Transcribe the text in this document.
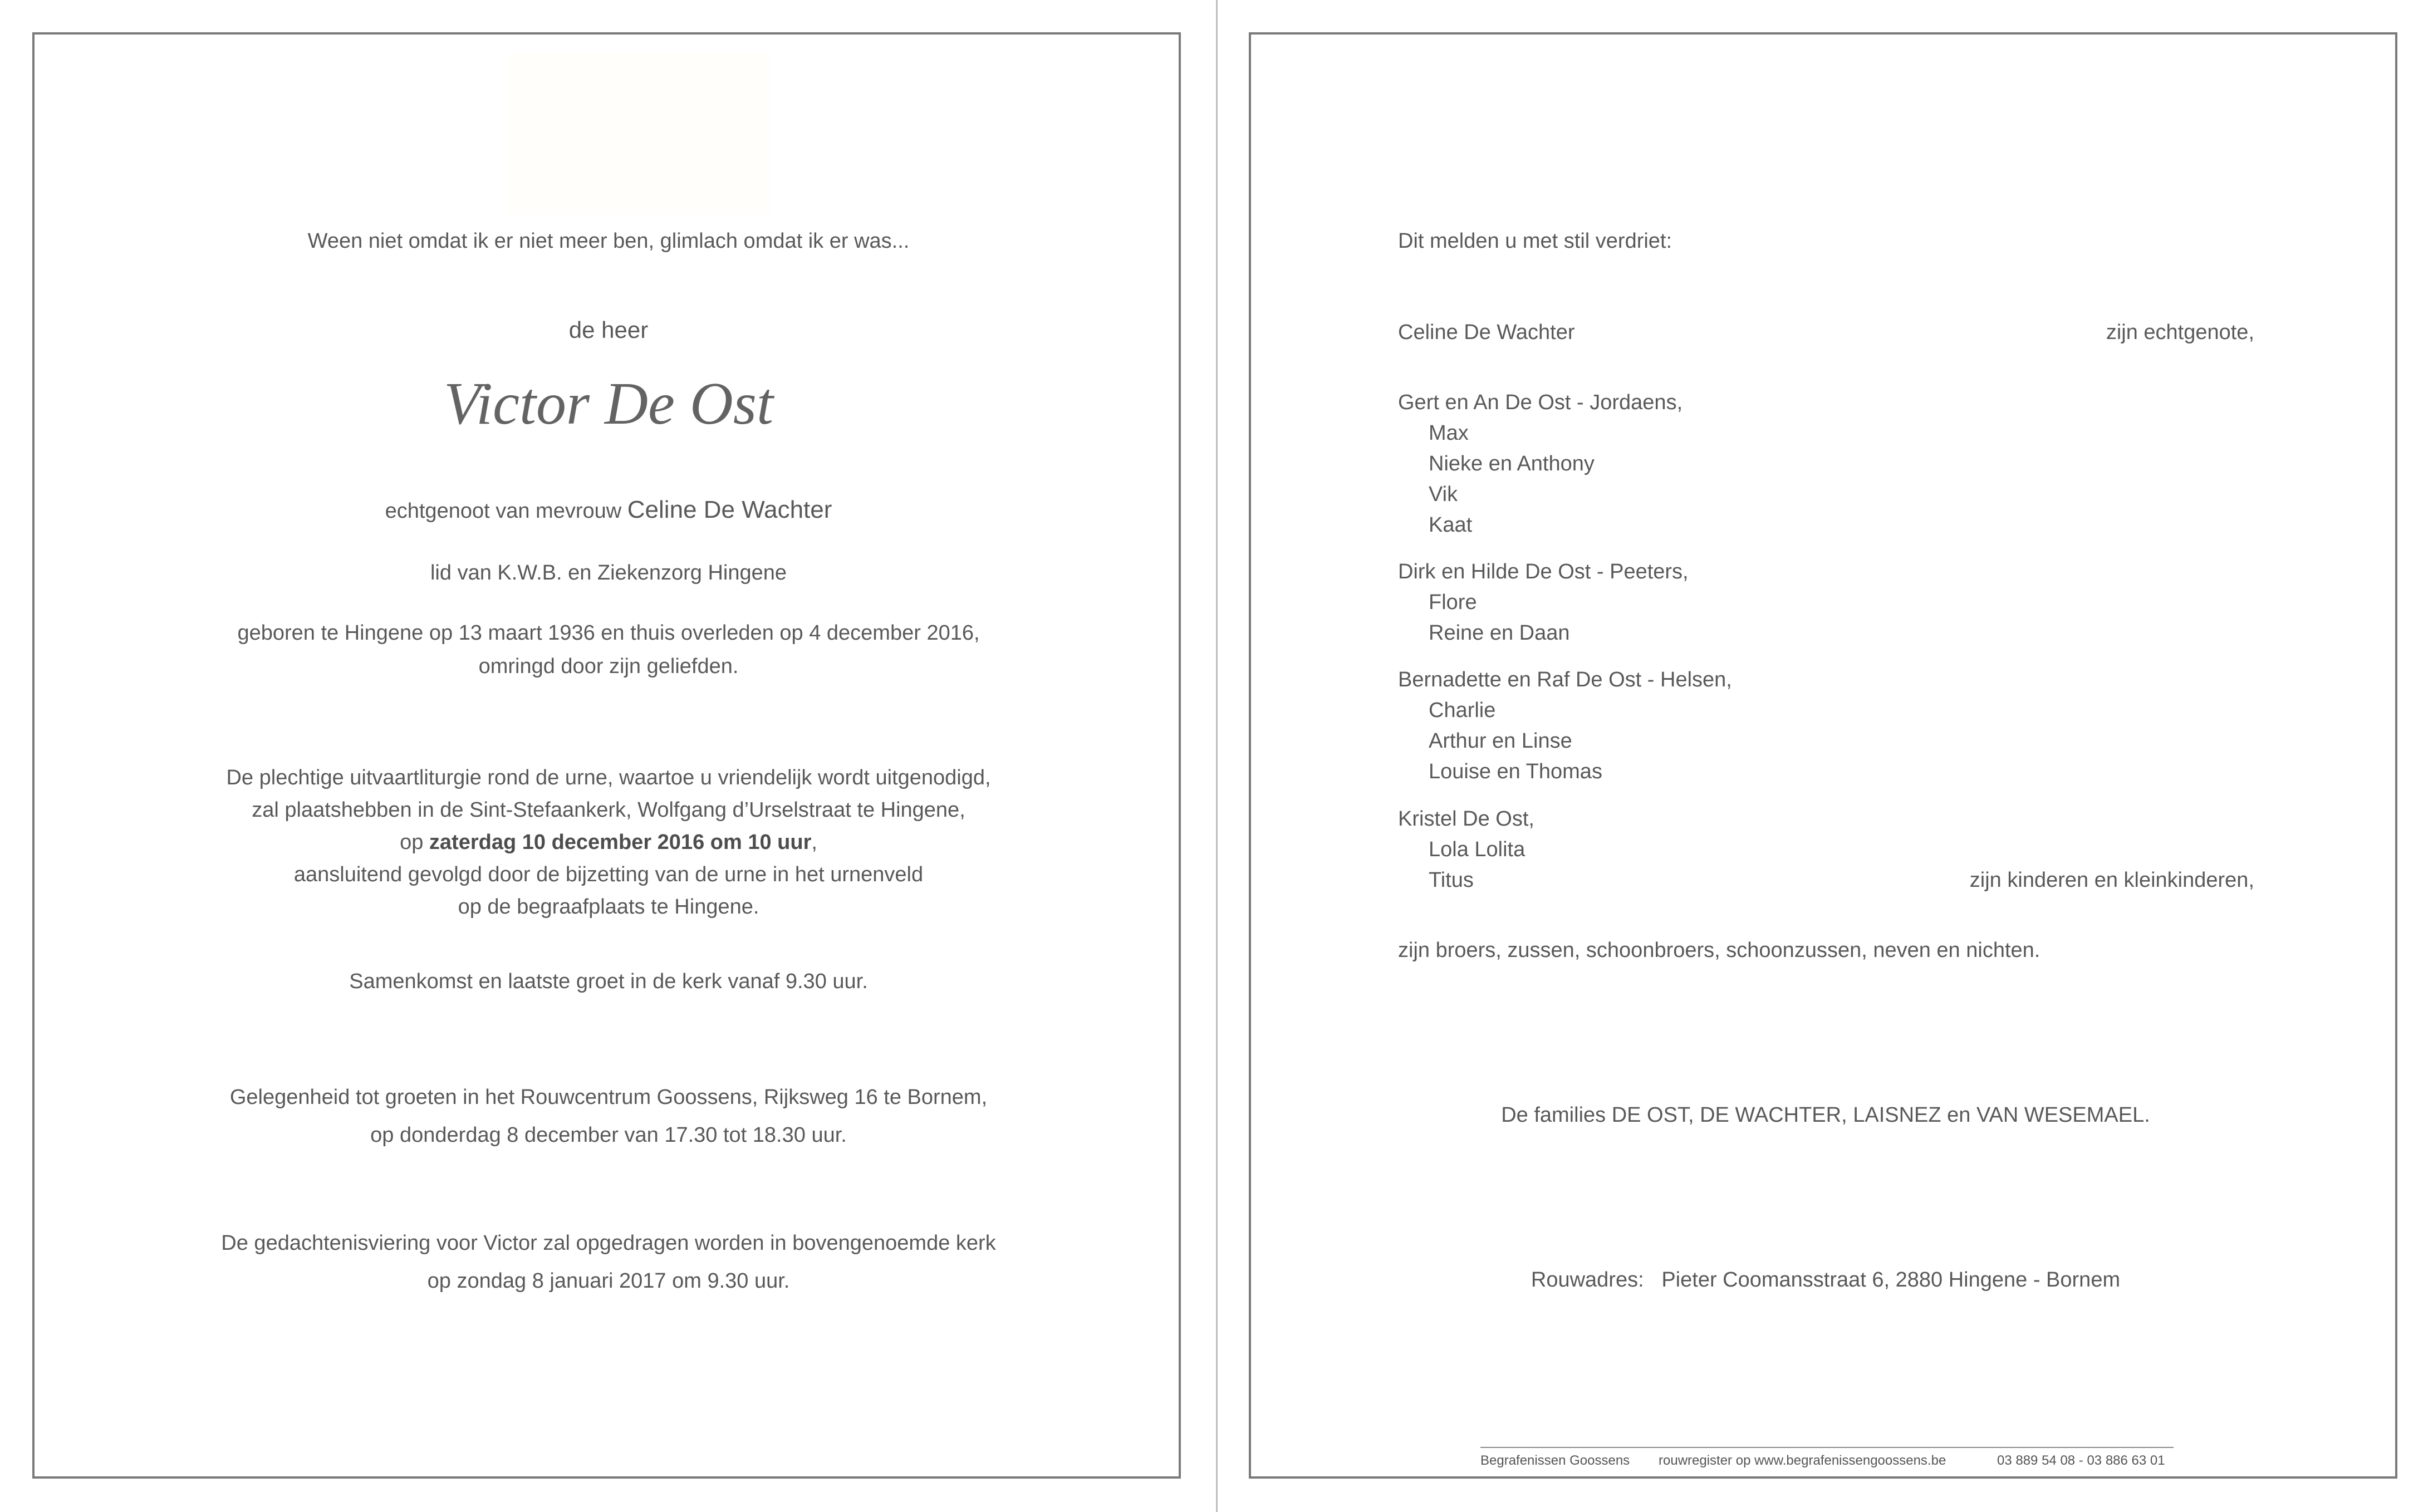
Ween niet omdat ik er niet meer ben, glimlach omdat ik er was...
de heer
Victor De Ost
echtgenoot van mevrouw Celine De Wachter
lid van K.W.B. en Ziekenzorg Hingene
geboren te Hingene op 13 maart 1936 en thuis overleden op 4 december 2016,
omringd door zijn geliefden.
De plechtige uitvaartliturgie rond de urne, waartoe u vriendelijk wordt uitgenodigd,
zal plaatshebben in de Sint-Stefaankerk, Wolfgang d’Urselstraat te Hingene,
op zaterdag 10 december 2016 om 10 uur,
aansluitend gevolgd door de bijzetting van de urne in het urnenveld
op de begraafplaats te Hingene.
Samenkomst en laatste groet in de kerk vanaf 9.30 uur.
Gelegenheid tot groeten in het Rouwcentrum Goossens, Rijksweg 16 te Bornem,
op donderdag 8 december van 17.30 tot 18.30 uur.
De gedachtenisviering voor Victor zal opgedragen worden in bovengenoemde kerk
op zondag 8 januari 2017 om 9.30 uur.
Dit melden u met stil verdriet:
Celine De Wachter	zijn echtgenote,
Gert en An De Ost - Jordaens,
Max
Nieke en Anthony
Vik
Kaat
Dirk en Hilde De Ost - Peeters,
Flore
Reine en Daan
Bernadette en Raf De Ost - Helsen,
Charlie
Arthur en Linse
Louise en Thomas
Kristel De Ost,
Lola Lolita
Titus	zijn kinderen en kleinkinderen,
zijn broers, zussen, schoonbroers, schoonzussen, neven en nichten.
De families DE OST, DE WACHTER, LAISNEZ en VAN WESEMAEL.
Rouwadres: Pieter Coomansstraat 6, 2880 Hingene - Bornem
Begrafenissen Goossens rouwregister op www.begrafenissengoossens.be	03 889 54 08 - 03 886 63 01
